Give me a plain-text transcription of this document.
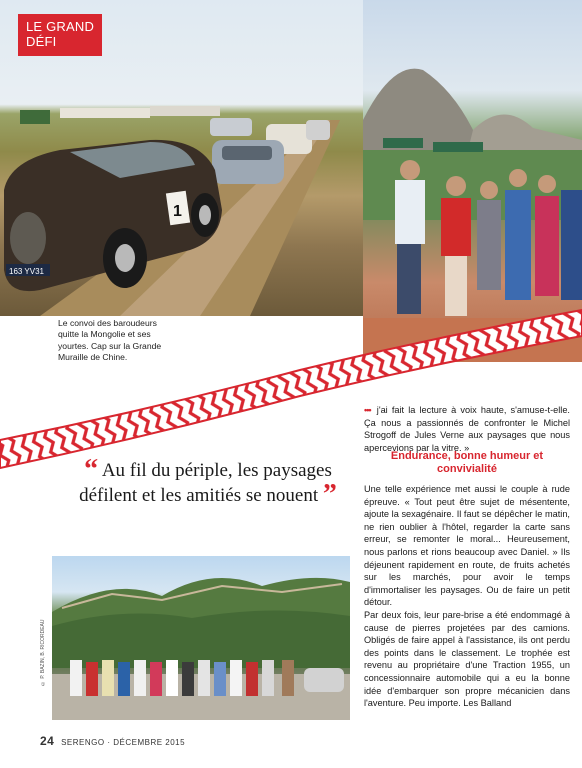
1
163 YV31
LE GRAND
DÉFI
Le convoi des baroudeurs quitte la Mongolie et ses yourtes. Cap sur la Grande Muraille de Chine.
••• j'ai fait la lecture à voix haute, s'amuse-t-elle. Ça nous a passionnés de confronter le Michel Strogoff de Jules Verne aux paysages que nous apercevions par la vitre. »
Endurance, bonne humeur et convivialité
“ Au fil du périple, les paysages défilent et les amitiés se nouent ”	Une telle expérience met aussi le couple à rude épreuve. « Tout peut être sujet de mésentente, ajoute la sexagénaire. Il faut se dépêcher le matin, ne rien oublier à l'hôtel, regarder la carte sans erreur, se remonter le moral... Heureusement, nous parlons et rions beaucoup avec Daniel. » Ils déjeunent rapidement en route, de fruits achetés sur les marchés, pour avoir le temps d'immortaliser les paysages. Ou de faire un petit détour.

Par deux fois, leur pare-brise a été endommagé à cause de pierres projetées par des camions. Obligés de faire appel à l'assistance, ils ont perdu des points dans le classement. Le trophée est revenu au propriétaire d'une Traction 1955, un concessionnaire automobile qui a eu la bonne idée d'embarquer son propre mécanicien dans l'aventure. Peu importe. Les Balland

© P. BAZIN, B. RICORDEAU
24 SERENGO · DÉCEMBRE 2015
